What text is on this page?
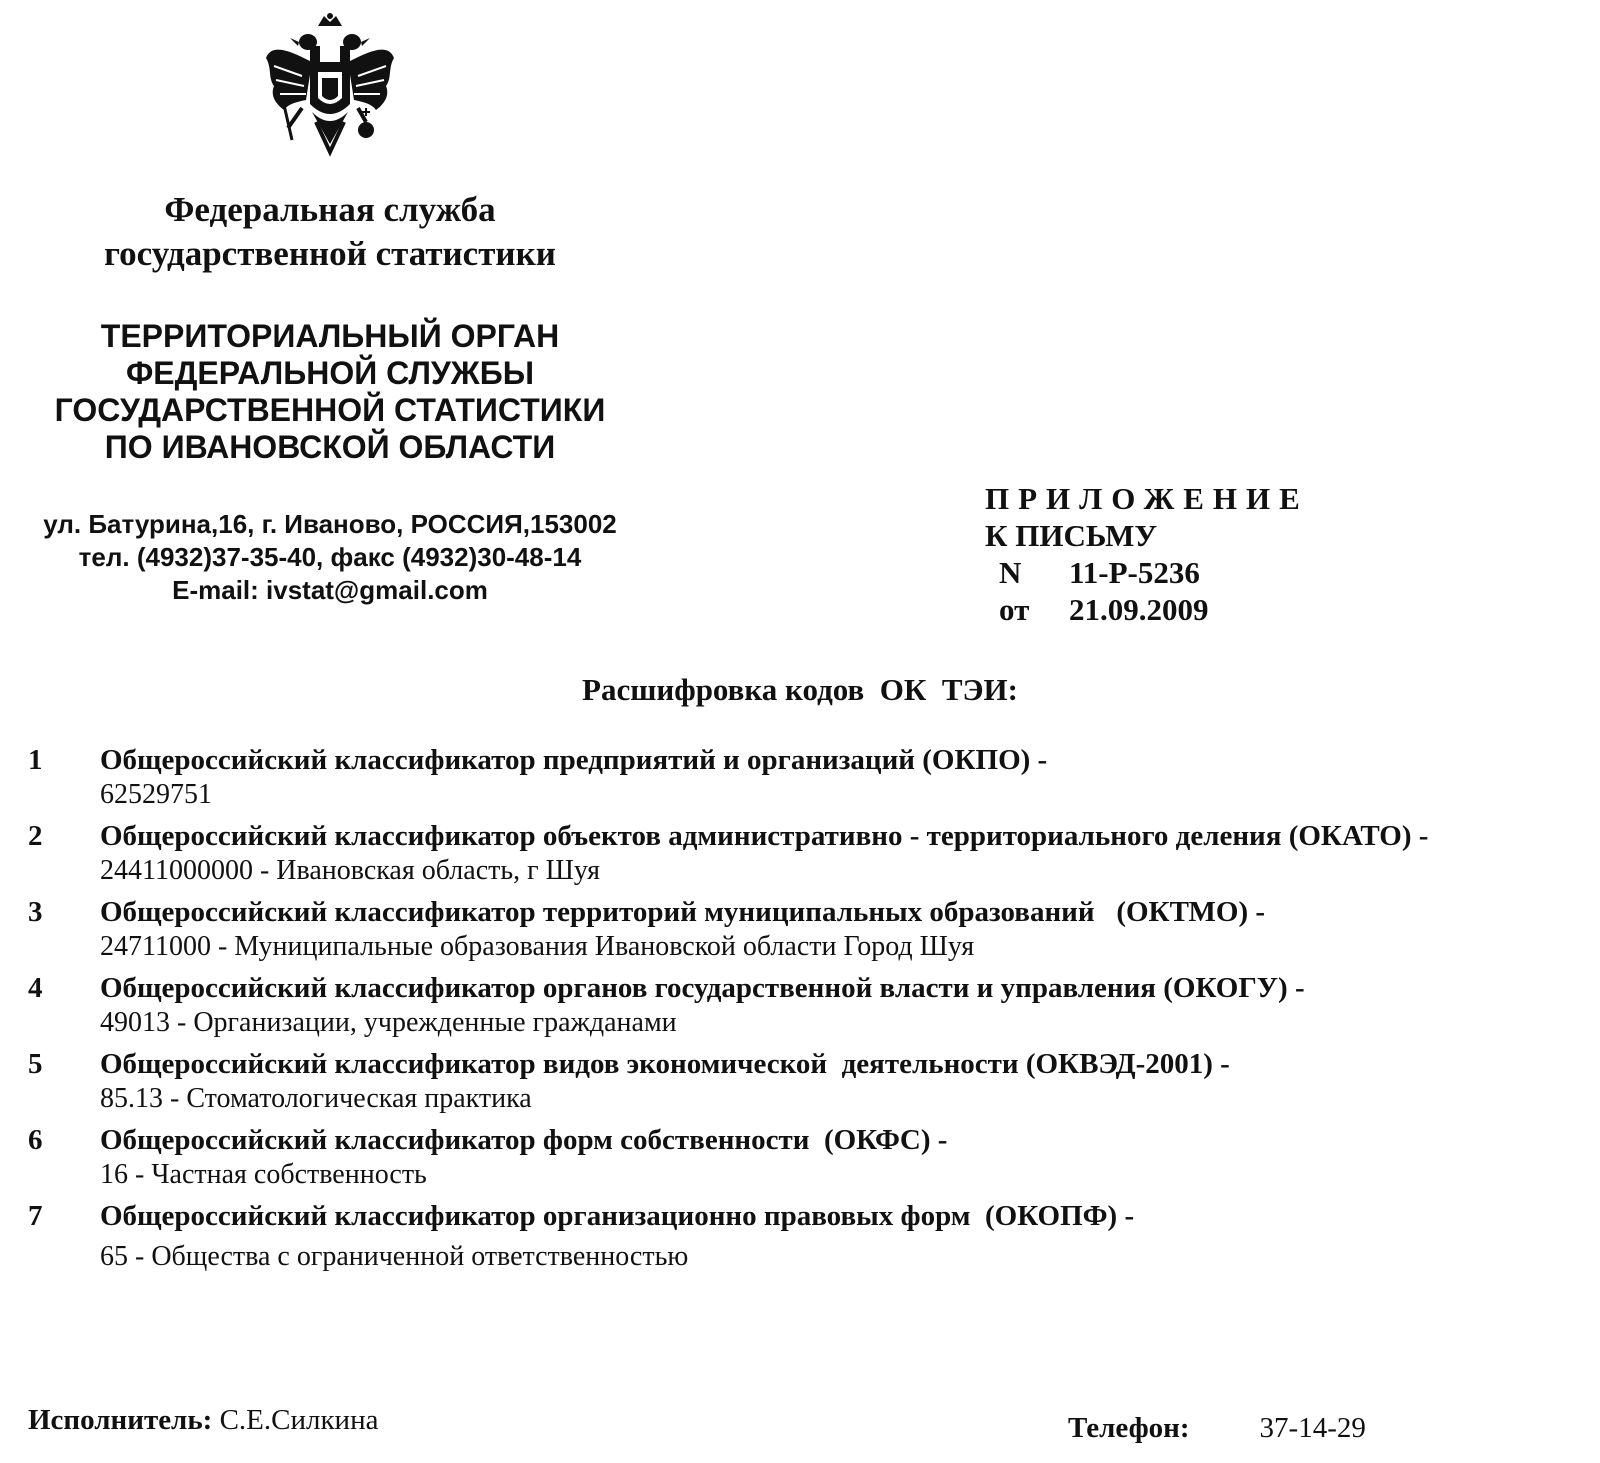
Федеральная служба
государственной статистики
ТЕРРИТОРИАЛЬНЫЙ ОРГАН
ФЕДЕРАЛЬНОЙ СЛУЖБЫ
ГОСУДАРСТВЕННОЙ СТАТИСТИКИ
ПО ИВАНОВСКОЙ ОБЛАСТИ
ул. Батурина,16, г. Иваново, РОССИЯ,153002
тел. (4932)37-35-40, факс (4932)30-48-14
E-mail: ivstat@gmail.com
ПРИЛОЖЕНИЕ
К ПИСЬМУ
N	11-Р-5236
от	21.09.2009
Расшифровка кодов  ОК  ТЭИ:
1	Общероссийский классификатор предприятий и организаций (ОКПО) -
62529751
2	Общероссийский классификатор объектов административно - территориального деления (ОКАТО) -
24411000000 - Ивановская область, г Шуя
3	Общероссийский классификатор территорий муниципальных образований   (ОКТМО) -
24711000 - Муниципальные образования Ивановской области Город Шуя
4	Общероссийский классификатор органов государственной власти и управления (ОКОГУ) -
49013 - Организации, учрежденные гражданами
5	Общероссийский классификатор видов экономической  деятельности (ОКВЭД-2001) -
85.13 - Стоматологическая практика
6	Общероссийский классификатор форм собственности  (ОКФС) -
16 - Частная собственность
7	Общероссийский классификатор организационно правовых форм  (ОКОПФ) -
65 - Общества с ограниченной ответственностью
Исполнитель: С.Е.Силкина	Телефон: 37-14-29
